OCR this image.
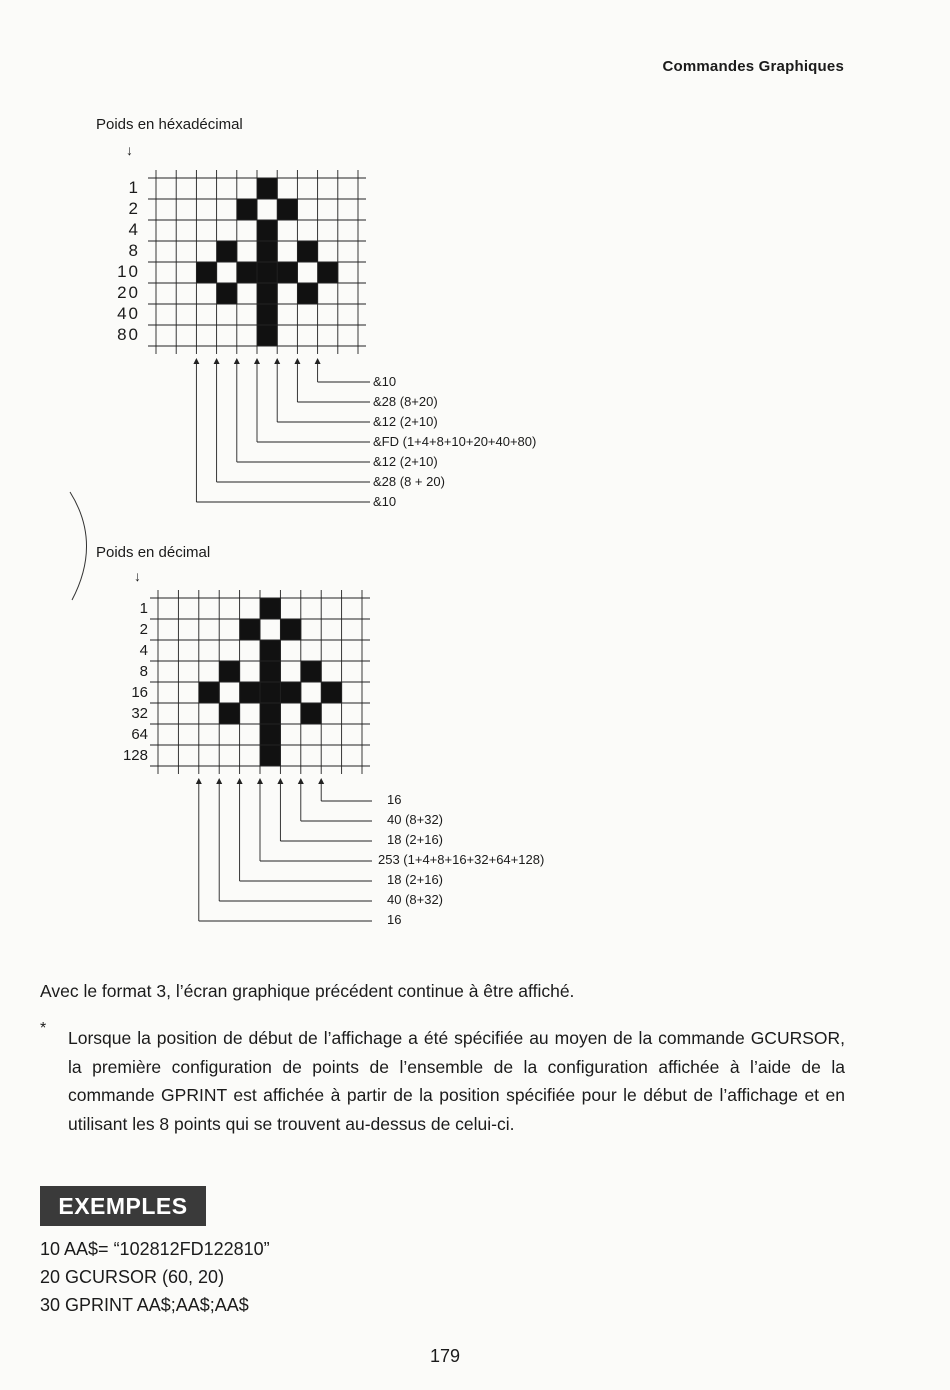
Commandes Graphiques
Poids en héxadécimal
↓
1
2
4
8
10
20
40
80
&10
&28 (8+20)
&12 (2+10)
&FD (1+4+8+10+20+40+80)
&12 (2+10)
&28 (8 + 20)
&10
Poids en décimal
↓
1
2
4
8
16
32
64
128
16
40 (8+32)
18 (2+16)
253 (1+4+8+16+32+64+128)
18 (2+16)
40 (8+32)
16
Avec le format 3, l’écran graphique précédent continue à être affiché.
* Lorsque la position de début de l’affichage a été spécifiée au moyen de la commande GCURSOR, la première configuration de points de l’ensemble de la configuration affichée à l’aide de la commande GPRINT est affichée à partir de la position spécifiée pour le début de l’affichage et en utilisant les 8 points qui se trouvent au-dessus de celui-ci.
EXEMPLES
10 AA$= “102812FD122810”
20 GCURSOR (60, 20)
30 GPRINT AA$;AA$;AA$
179
